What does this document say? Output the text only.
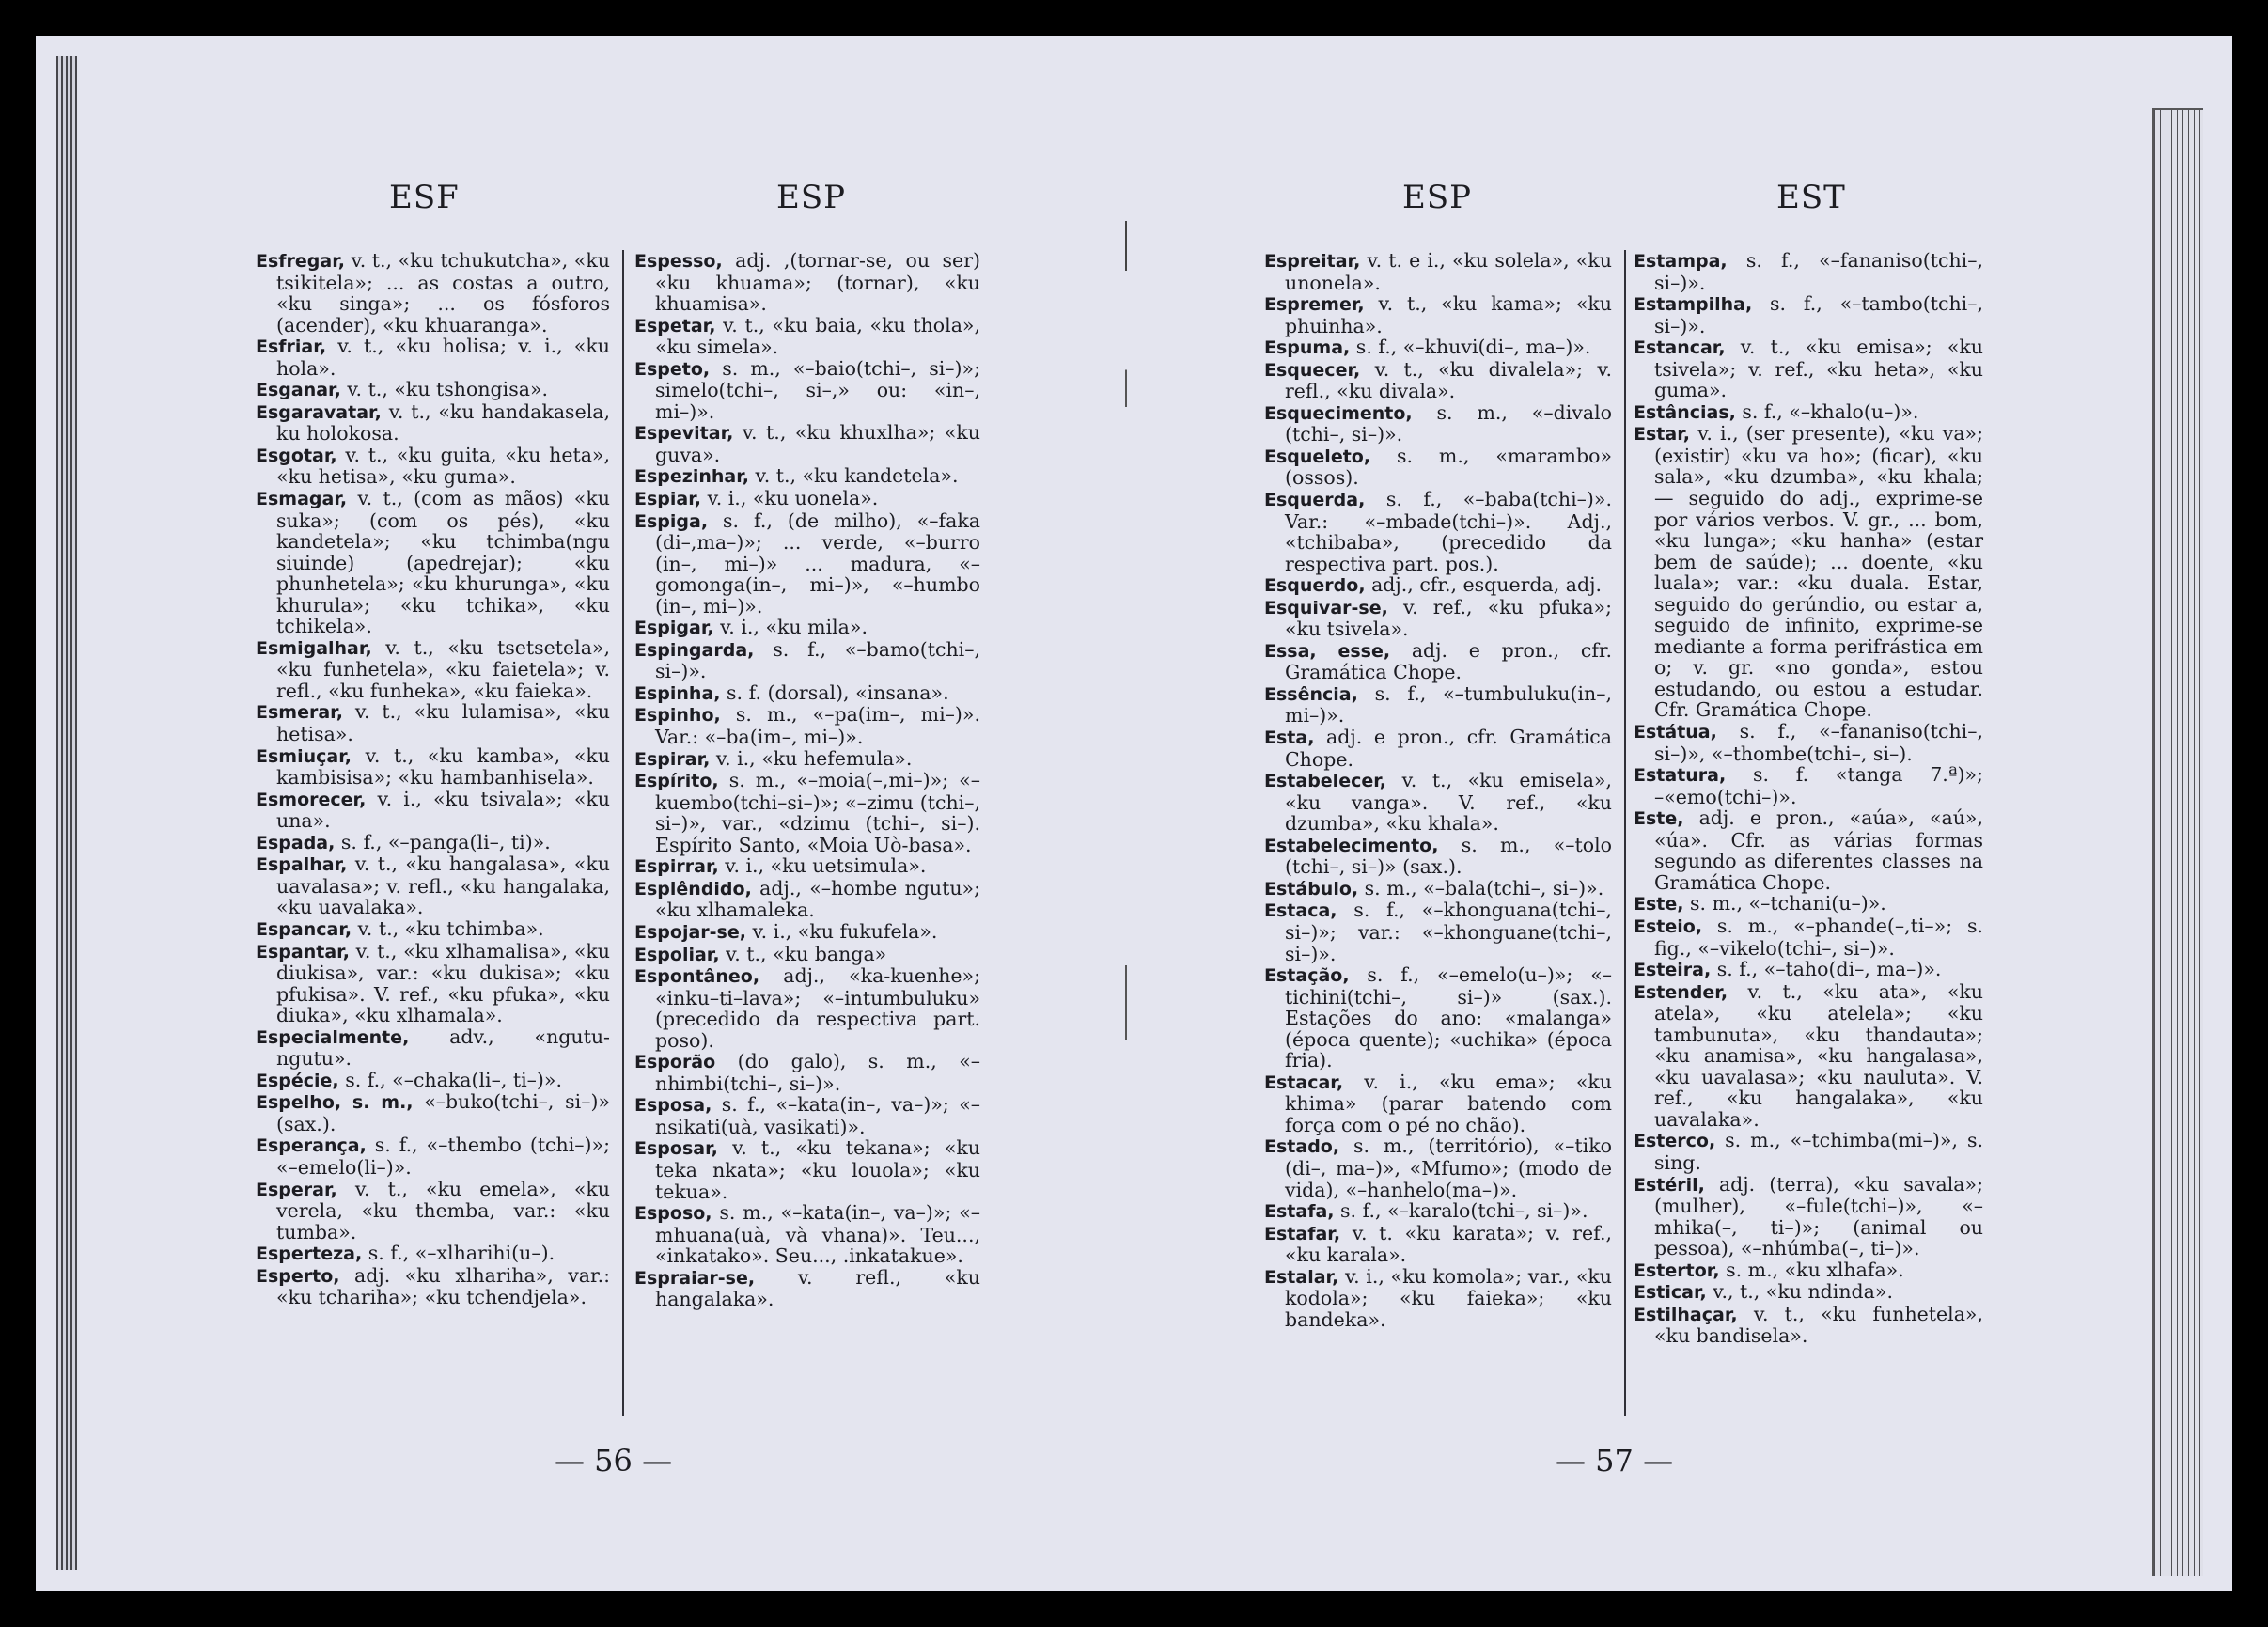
ESF	ESP

Esfregar, v. t., «ku tchukutcha», «ku tsikitela»; ... as costas a outro, «ku singa»; ... os fósforos (acender), «ku khuaranga».

Esfriar, v. t., «ku holisa; v. i., «ku hola».

Esganar, v. t., «ku tshongisa».

Esgaravatar, v. t., «ku handakasela, ku holokosa.

Esgotar, v. t., «ku guita, «ku heta», «ku hetisa», «ku guma».

Esmagar, v. t., (com as mãos) «ku suka»; (com os pés), «ku kandetela»; «ku tchimba(ngu siuinde) (apedrejar); «ku phunhetela»; «ku khurunga», «ku khurula»; «ku tchika», «ku tchikela».

Esmigalhar, v. t., «ku tsetsetela», «ku funhetela», «ku faietela»; v. refl., «ku funheka», «ku faieka».

Esmerar, v. t., «ku lulamisa», «ku hetisa».

Esmiuçar, v. t., «ku kamba», «ku kambisisa»; «ku hambanhisela».

Esmorecer, v. i., «ku tsivala»; «ku una».

Espada, s. f., «–panga(li–, ti)».

Espalhar, v. t., «ku hangalasa», «ku uavalasa»; v. refl., «ku hangalaka, «ku uavalaka».

Espancar, v. t., «ku tchimba».

Espantar, v. t., «ku xlhamalisa», «ku diukisa», var.: «ku dukisa»; «ku pfukisa». V. ref., «ku pfuka», «ku diuka», «ku xlhamala».

Especialmente, adv., «ngutu-ngutu».

Espécie, s. f., «–chaka(li–, ti–)».

Espelho, s. m., «–buko(tchi–, si–)» (sax.).

Esperança, s. f., «–thembo (tchi–)»; «–emelo(li–)».

Esperar, v. t., «ku emela», «ku verela, «ku themba, var.: «ku tumba».

Esperteza, s. f., «–xlharihi(u–).

Esperto, adj. «ku xlhariha», var.: «ku tchariha»; «ku tchendjela».

Espesso, adj. ,(tornar-se, ou ser) «ku khuama»; (tornar), «ku khuamisa».

Espetar, v. t., «ku baia, «ku thola», «ku simela».

Espeto, s. m., «–baio(tchi–, si–)»; simelo(tchi–, si–,» ou: «in–, mi–)».

Espevitar, v. t., «ku khuxlha»; «ku guva».

Espezinhar, v. t., «ku kandetela».

Espiar, v. i., «ku uonela».

Espiga, s. f., (de milho), «–faka (di–,ma–)»; ... verde, «–burro (in–, mi–)» ... madura, «–gomonga(in–, mi–)», «–humbo (in–, mi–)».

Espigar, v. i., «ku mila».

Espingarda, s. f., «–bamo(tchi–, si–)».

Espinha, s. f. (dorsal), «insana».

Espinho, s. m., «–pa(im–, mi–)». Var.: «–ba(im–, mi–)».

Espirar, v. i., «ku hefemula».

Espírito, s. m., «–moia(–,mi–)»; «–kuembo(tchi–si–)»; «–zimu (tchi–, si–)», var., «dzimu (tchi–, si–). Espírito Santo, «Moia Uò-basa».

Espirrar, v. i., «ku uetsimula».

Esplêndido, adj., «–hombe ngutu»; «ku xlhamaleka.

Espojar-se, v. i., «ku fukufela».

Espoliar, v. t., «ku banga»

Espontâneo, adj., «ka-kuenhe»; «inku–ti–lava»; «–intumbuluku» (precedido da respectiva part. poso).

Esporão (do galo), s. m., «–nhimbi(tchi–, si–)».

Esposa, s. f., «–kata(in–, va–)»; «–nsikati(uà, vasikati)».

Esposar, v. t., «ku tekana»; «ku teka nkata»; «ku louola»; «ku tekua».

Esposo, s. m., «–kata(in–, va–)»; «–mhuana(uà, và vhana)». Teu..., «inkatako». Seu..., .inkatakue».

Espraiar-se, v. refl., «ku hangalaka».

— 56 —
ESP	EST

Espreitar, v. t. e i., «ku solela», «ku unonela».

Espremer, v. t., «ku kama»; «ku phuinha».

Espuma, s. f., «–khuvi(di–, ma–)».

Esquecer, v. t., «ku divalela»; v. refl., «ku divala».

Esquecimento, s. m., «–divalo (tchi–, si–)».

Esqueleto, s. m., «marambo» (ossos).

Esquerda, s. f., «–baba(tchi–)». Var.: «–mbade(tchi–)». Adj., «tchibaba», (precedido da respectiva part. pos.).

Esquerdo, adj., cfr., esquerda, adj.

Esquivar-se, v. ref., «ku pfuka»; «ku tsivela».

Essa, esse, adj. e pron., cfr. Gramática Chope.

Essência, s. f., «–tumbuluku(in–, mi–)».

Esta, adj. e pron., cfr. Gramática Chope.

Estabelecer, v. t., «ku emisela», «ku vanga». V. ref., «ku dzumba», «ku khala».

Estabelecimento, s. m., «–tolo (tchi–, si–)» (sax.).

Estábulo, s. m., «–bala(tchi–, si–)».

Estaca, s. f., «–khonguana(tchi–, si–)»; var.: «–khonguane(tchi–, si–)».

Estação, s. f., «–emelo(u–)»; «–tichini(tchi–, si–)» (sax.). Estações do ano: «malanga» (época quente); «uchika» (época fria).

Estacar, v. i., «ku ema»; «ku khima» (parar batendo com força com o pé no chão).

Estado, s. m., (território), «–tiko (di–, ma–)», «Mfumo»; (modo de vida), «–hanhelo(ma–)».

Estafa, s. f., «–karalo(tchi–, si–)».

Estafar, v. t. «ku karata»; v. ref., «ku karala».

Estalar, v. i., «ku komola»; var., «ku kodola»; «ku faieka»; «ku bandeka».

Estampa, s. f., «–fananiso(tchi–, si–)».

Estampilha, s. f., «–tambo(tchi–, si–)».

Estancar, v. t., «ku emisa»; «ku tsivela»; v. ref., «ku heta», «ku guma».

Estâncias, s. f., «–khalo(u–)».

Estar, v. i., (ser presente), «ku va»; (existir) «ku va ho»; (ficar), «ku sala», «ku dzumba», «ku khala; — seguido do adj., exprime-se por vários verbos. V. gr., ... bom, «ku lunga»; «ku hanha» (estar bem de saúde); ... doente, «ku luala»; var.: «ku duala. Estar, seguido do gerúndio, ou estar a, seguido de infinito, exprime-se mediante a forma perifrástica em o; v. gr. «no gonda», estou estudando, ou estou a estudar. Cfr. Gramática Chope.

Estátua, s. f., «–fananiso(tchi–, si–)», «–thombe(tchi–, si–).

Estatura, s. f. «tanga 7.ª)»; –«emo(tchi–)».

Este, adj. e pron., «aúa», «aú», «úa». Cfr. as várias formas segundo as diferentes classes na Gramática Chope.

Este, s. m., «–tchani(u–)».

Esteio, s. m., «–phande(–,ti–»; s. fig., «–vikelo(tchi–, si–)».

Esteira, s. f., «–taho(di–, ma–)».

Estender, v. t., «ku ata», «ku atela», «ku atelela»; «ku tambunuta», «ku thandauta»; «ku anamisa», «ku hangalasa», «ku uavalasa»; «ku nauluta». V. ref., «ku hangalaka», «ku uavalaka».

Esterco, s. m., «–tchimba(mi–)», s. sing.

Estéril, adj. (terra), «ku savala»; (mulher), «–fule(tchi–)», «–mhika(–, ti–)»; (animal ou pessoa), «–nhúmba(–, ti–)».

Estertor, s. m., «ku xlhafa».

Esticar, v., t., «ku ndinda».

Estilhaçar, v. t., «ku funhetela», «ku bandisela».

— 57 —
